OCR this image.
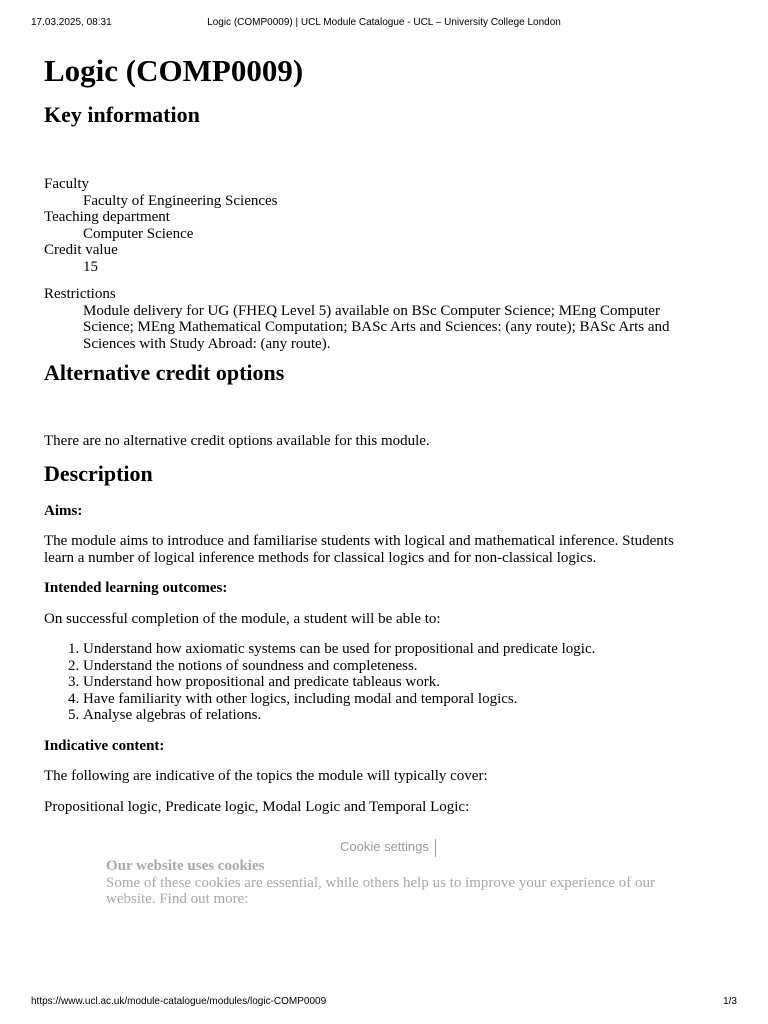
17.03.2025, 08:31	Logic (COMP0009) | UCL Module Catalogue - UCL – University College London
Logic (COMP0009)
Key information
Faculty
Faculty of Engineering Sciences
Teaching department
Computer Science
Credit value
15
Restrictions
Module delivery for UG (FHEQ Level 5) available on BSc Computer Science; MEng Computer Science; MEng Mathematical Computation; BASc Arts and Sciences: (any route); BASc Arts and Sciences with Study Abroad: (any route).
Alternative credit options

There are no alternative credit options available for this module.

Description

Aims:

The module aims to introduce and familiarise students with logical and mathematical inference. Students learn a number of logical inference methods for classical logics and for non-classical logics.

Intended learning outcomes:

On successful completion of the module, a student will be able to:

1. Understand how axiomatic systems can be used for propositional and predicate logic.
2. Understand the notions of soundness and completeness.
3. Understand how propositional and predicate tableaus work.
4. Have familiarity with other logics, including modal and temporal logics.
5. Analyse algebras of relations.

Indicative content:

The following are indicative of the topics the module will typically cover:

Propositional logic, Predicate logic, Modal Logic and Temporal Logic:

Cookie settings
Our website uses cookies
Some of these cookies are essential, while others help us to improve your experience of our website. Find out more:
https://www.ucl.ac.uk/module-catalogue/modules/logic-COMP0009	1/3
